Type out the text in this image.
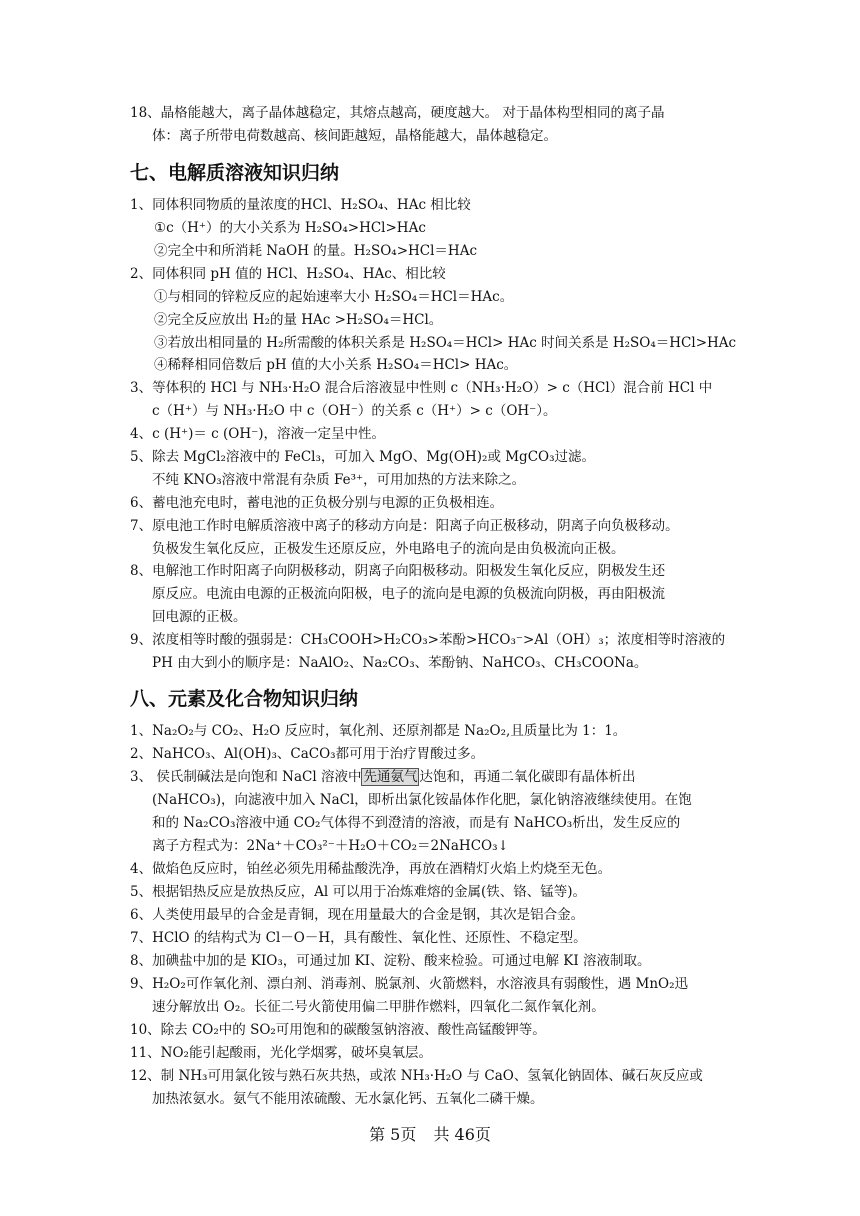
18、晶格能越大，离子晶体越稳定，其熔点越高，硬度越大。 对于晶体构型相同的离子晶
体：离子所带电荷数越高、核间距越短，晶格能越大，晶体越稳定。
七、电解质溶液知识归纳
1、同体积同物质的量浓度的HCl、H₂SO₄、HAc 相比较
①c（H⁺）的大小关系为 H₂SO₄>HCl>HAc
②完全中和所消耗 NaOH 的量。H₂SO₄>HCl＝HAc
2、同体积同 pH 值的 HCl、H₂SO₄、HAc、相比较
①与相同的锌粒反应的起始速率大小 H₂SO₄＝HCl＝HAc。
②完全反应放出 H₂的量 HAc >H₂SO₄＝HCl。
③若放出相同量的 H₂所需酸的体积关系是 H₂SO₄＝HCl> HAc 时间关系是 H₂SO₄＝HCl>HAc
④稀释相同倍数后 pH 值的大小关系 H₂SO₄＝HCl> HAc。
3、等体积的 HCl 与 NH₃·H₂O 混合后溶液显中性则 c（NH₃·H₂O）> c（HCl）混合前 HCl 中
c（H⁺）与 NH₃·H₂O 中 c（OH⁻）的关系 c（H⁺）> c（OH⁻）。
4、c (H⁺)＝ c (OH⁻)，溶液一定呈中性。
5、除去 MgCl₂溶液中的 FeCl₃，可加入 MgO、Mg(OH)₂或 MgCO₃过滤。
不纯 KNO₃溶液中常混有杂质 Fe³⁺，可用加热的方法来除之。
6、蓄电池充电时，蓄电池的正负极分别与电源的正负极相连。
7、原电池工作时电解质溶液中离子的移动方向是：阳离子向正极移动，阴离子向负极移动。
负极发生氧化反应，正极发生还原反应，外电路电子的流向是由负极流向正极。
8、电解池工作时阳离子向阴极移动，阴离子向阳极移动。阳极发生氧化反应，阴极发生还
原反应。电流由电源的正极流向阳极，电子的流向是电源的负极流向阴极，再由阳极流
回电源的正极。
9、浓度相等时酸的强弱是：CH₃COOH>H₂CO₃>苯酚>HCO₃⁻>Al（OH）₃；浓度相等时溶液的
PH 由大到小的顺序是：NaAlO₂、Na₂CO₃、苯酚钠、NaHCO₃、CH₃COONa。
八、元素及化合物知识归纳
1、Na₂O₂与 CO₂、H₂O 反应时，氧化剂、还原剂都是 Na₂O₂,且质量比为 1：1。
2、NaHCO₃、Al(OH)₃、CaCO₃都可用于治疗胃酸过多。
3、 侯氏制碱法是向饱和 NaCl 溶液中 先通氨气 达饱和，再通二氧化碳即有晶体析出
(NaHCO₃)，向滤液中加入 NaCl，即析出氯化铵晶体作化肥，氯化钠溶液继续使用。在饱
和的 Na₂CO₃溶液中通 CO₂气体得不到澄清的溶液，而是有 NaHCO₃析出，发生反应的
离子方程式为：2Na⁺＋CO₃²⁻＋H₂O＋CO₂＝2NaHCO₃↓
4、做焰色反应时，铂丝必须先用稀盐酸洗净，再放在酒精灯火焰上灼烧至无色。
5、根据铝热反应是放热反应，Al 可以用于冶炼难熔的金属(铁、铬、锰等)。
6、人类使用最早的合金是青铜，现在用量最大的合金是钢，其次是铝合金。
7、HClO 的结构式为 Cl－O－H，具有酸性、氧化性、还原性、不稳定型。
8、加碘盐中加的是 KIO₃，可通过加 KI、淀粉、酸来检验。可通过电解 KI 溶液制取。
9、H₂O₂可作氧化剂、漂白剂、消毒剂、脱氯剂、火箭燃料，水溶液具有弱酸性，遇 MnO₂迅
速分解放出 O₂。长征二号火箭使用偏二甲肼作燃料，四氧化二氮作氧化剂。
10、除去 CO₂中的 SO₂可用饱和的碳酸氢钠溶液、酸性高锰酸钾等。
11、NO₂能引起酸雨，光化学烟雾，破坏臭氧层。
12、制 NH₃可用氯化铵与熟石灰共热，或浓 NH₃·H₂O 与 CaO、氢氧化钠固体、碱石灰反应或
加热浓氨水。氨气不能用浓硫酸、无水氯化钙、五氧化二磷干燥。
第 5页 共 46页
